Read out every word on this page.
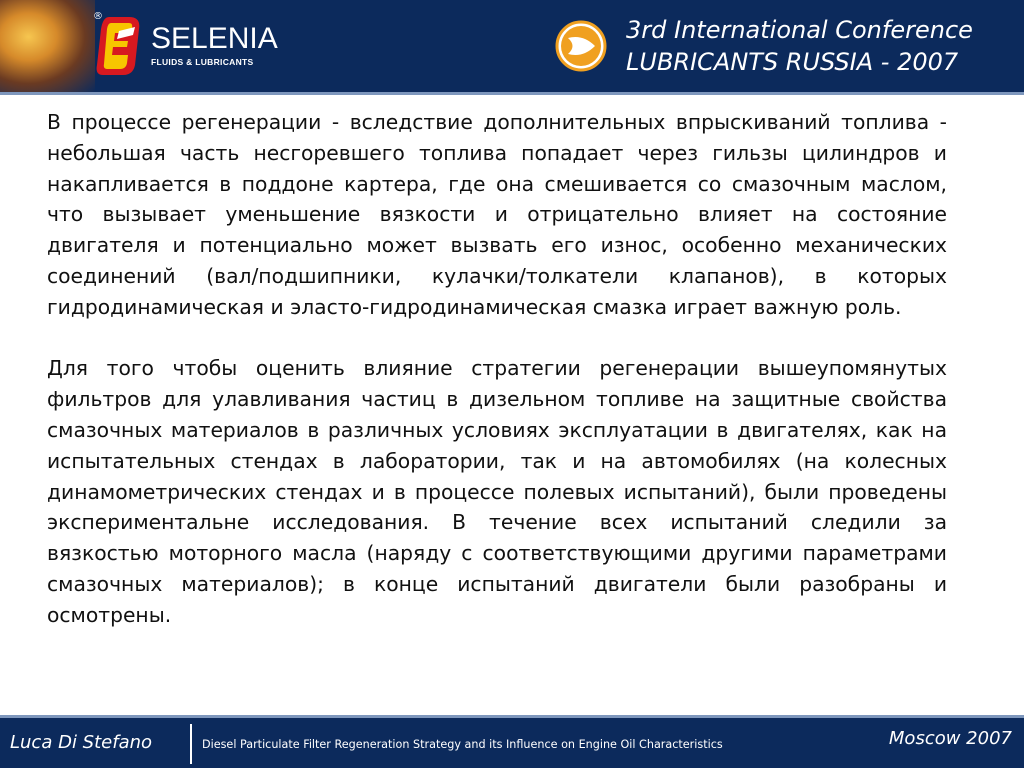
®
SELENIA
FLUIDS & LUBRICANTS
3rd International Conference
LUBRICANTS RUSSIA - 2007

В процессе регенерации - вследствие дополнительных впрыскиваний топлива - небольшая часть несгоревшего топлива попадает через гильзы цилиндров и накапливается в поддоне картера, где она смешивается со смазочным маслом, что вызывает уменьшение вязкости и отрицательно влияет на состояние двигателя и потенциально может вызвать его износ, особенно механических соединений (вал/подшипники, кулачки/толкатели клапанов), в которых гидродинамическая и эласто-гидродинамическая смазка играет важную роль.

Для того чтобы оценить влияние стратегии регенерации вышеупомянутых фильтров для улавливания частиц в дизельном топливе на защитные свойства смазочных материалов в различных условиях эксплуатации в двигателях, как на испытательных стендах в лаборатории, так и на автомобилях (на колесных динамометрических стендах и в процессе полевых испытаний), были проведены экспериментальне исследования. В течение всех испытаний следили за вязкостью моторного масла (наряду с соответствующими другими параметрами смазочных материалов); в конце испытаний двигатели были разобраны и осмотрены.

Luca Di Stefano	Diesel Particulate Filter Regeneration Strategy and its Influence on Engine Oil Characteristics	Moscow 2007
